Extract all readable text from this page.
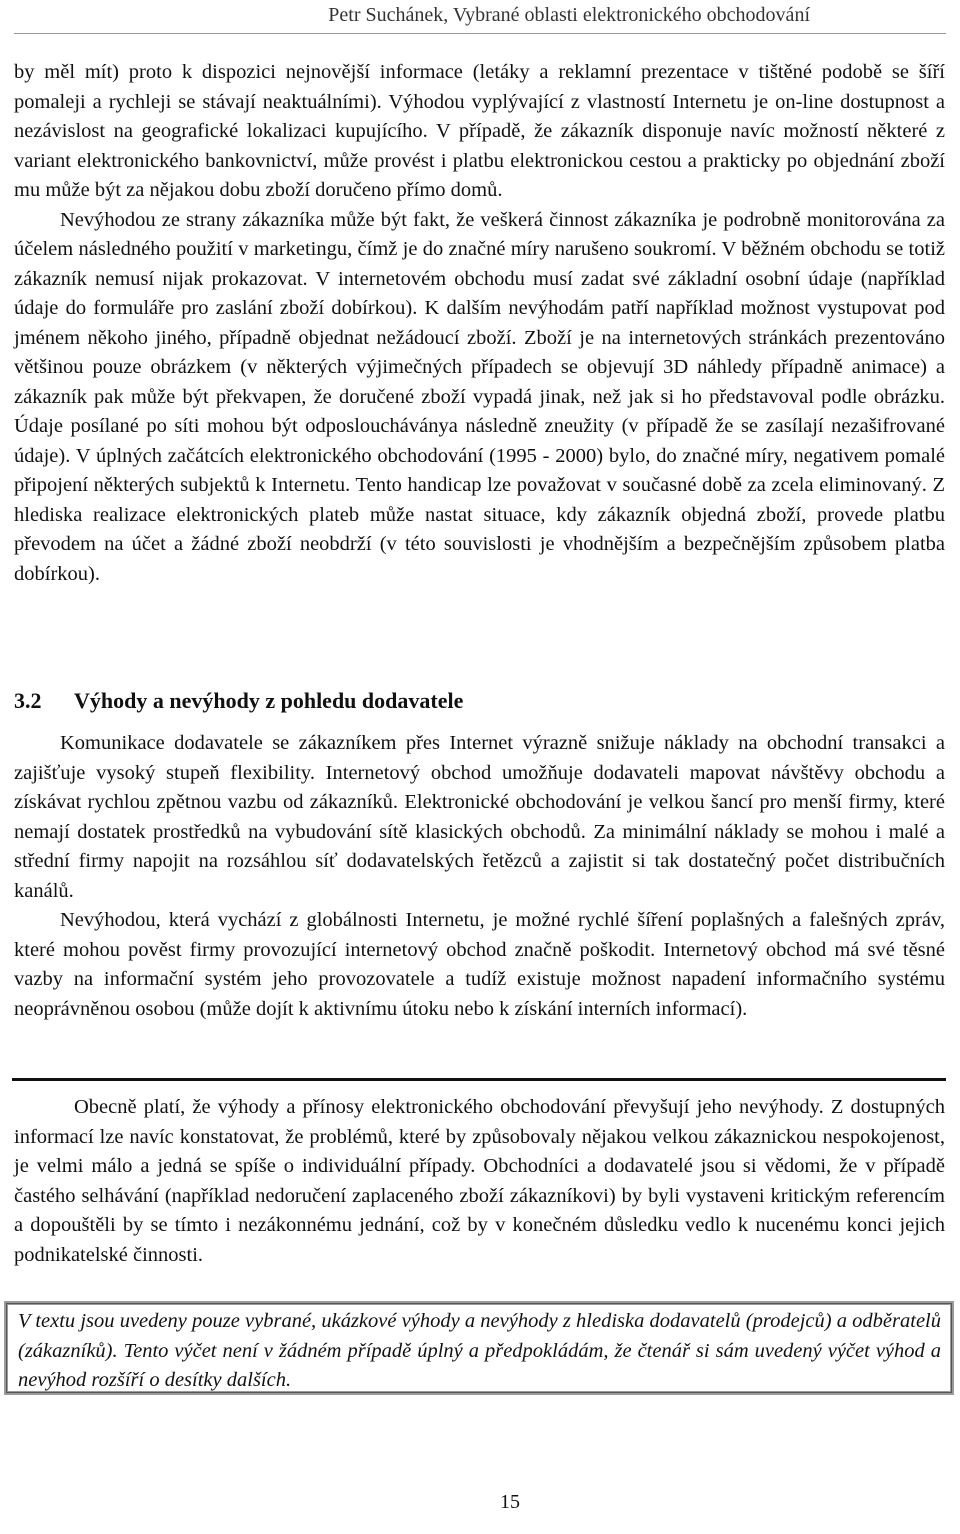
Petr Suchánek, Vybrané oblasti elektronického obchodování

by měl mít) proto k dispozici nejnovější informace (letáky a reklamní prezentace v tištěné podobě se šíří pomaleji a rychleji se stávají neaktuálními). Výhodou vyplývající z vlastností Internetu je on-line dostupnost a nezávislost na geografické lokalizaci kupujícího. V případě, že zákazník disponuje navíc možností některé z variant elektronického bankovnictví, může provést i platbu elektronickou cestou a prakticky po objednání zboží mu může být za nějakou dobu zboží doručeno přímo domů.

Nevýhodou ze strany zákazníka může být fakt, že veškerá činnost zákazníka je podrobně monitorována za účelem následného použití v marketingu, čímž je do značné míry narušeno soukromí. V běžném obchodu se totiž zákazník nemusí nijak prokazovat. V internetovém obchodu musí zadat své základní osobní údaje (například údaje do formuláře pro zaslání zboží dobírkou). K dalším nevýhodám patří například možnost vystupovat pod jménem někoho jiného, případně objednat nežádoucí zboží. Zboží je na internetových stránkách prezentováno většinou pouze obrázkem (v některých výjimečných případech se objevují 3D náhledy případně animace) a zákazník pak může být překvapen, že doručené zboží vypadá jinak, než jak si ho představoval podle obrázku. Údaje posílané po síti mohou být odposloucháványa následně zneužity (v případě že se zasílají nezašifrované údaje). V úplných začátcích elektronického obchodování (1995 - 2000) bylo, do značné míry, negativem pomalé připojení některých subjektů k Internetu. Tento handicap lze považovat v současné době za zcela eliminovaný. Z hlediska realizace elektronických plateb může nastat situace, kdy zákazník objedná zboží, provede platbu převodem na účet a žádné zboží neobdrží (v této souvislosti je vhodnějším a bezpečnějším způsobem platba dobírkou).

3.2 Výhody a nevýhody z pohledu dodavatele

Komunikace dodavatele se zákazníkem přes Internet výrazně snižuje náklady na obchodní transakci a zajišťuje vysoký stupeň flexibility. Internetový obchod umožňuje dodavateli mapovat návštěvy obchodu a získávat rychlou zpětnou vazbu od zákazníků. Elektronické obchodování je velkou šancí pro menší firmy, které nemají dostatek prostředků na vybudování sítě klasických obchodů. Za minimální náklady se mohou i malé a střední firmy napojit na rozsáhlou síť dodavatelských řetězců a zajistit si tak dostatečný počet distribučních kanálů.

Nevýhodou, která vychází z globálnosti Internetu, je možné rychlé šíření poplašných a falešných zpráv, které mohou pověst firmy provozující internetový obchod značně poškodit. Internetový obchod má své těsné vazby na informační systém jeho provozovatele a tudíž existuje možnost napadení informačního systému neoprávněnou osobou (může dojít k aktivnímu útoku nebo k získání interních informací).

Obecně platí, že výhody a přínosy elektronického obchodování převyšují jeho nevýhody. Z dostupných informací lze navíc konstatovat, že problémů, které by způsobovaly nějakou velkou zákaznickou nespokojenost, je velmi málo a jedná se spíše o individuální případy. Obchodníci a dodavatelé jsou si vědomi, že v případě častého selhávání (například nedoručení zaplaceného zboží zákazníkovi) by byli vystaveni kritickým referencím a dopouštěli by se tímto i nezákonnému jednání, což by v konečném důsledku vedlo k nucenému konci jejich podnikatelské činnosti.

V textu jsou uvedeny pouze vybrané, ukázkové výhody a nevýhody z hlediska dodavatelů (prodejců) a odběratelů (zákazníků). Tento výčet není v žádném případě úplný a předpokládám, že čtenář si sám uvedený výčet výhod a nevýhod rozšíří o desítky dalších.

15
